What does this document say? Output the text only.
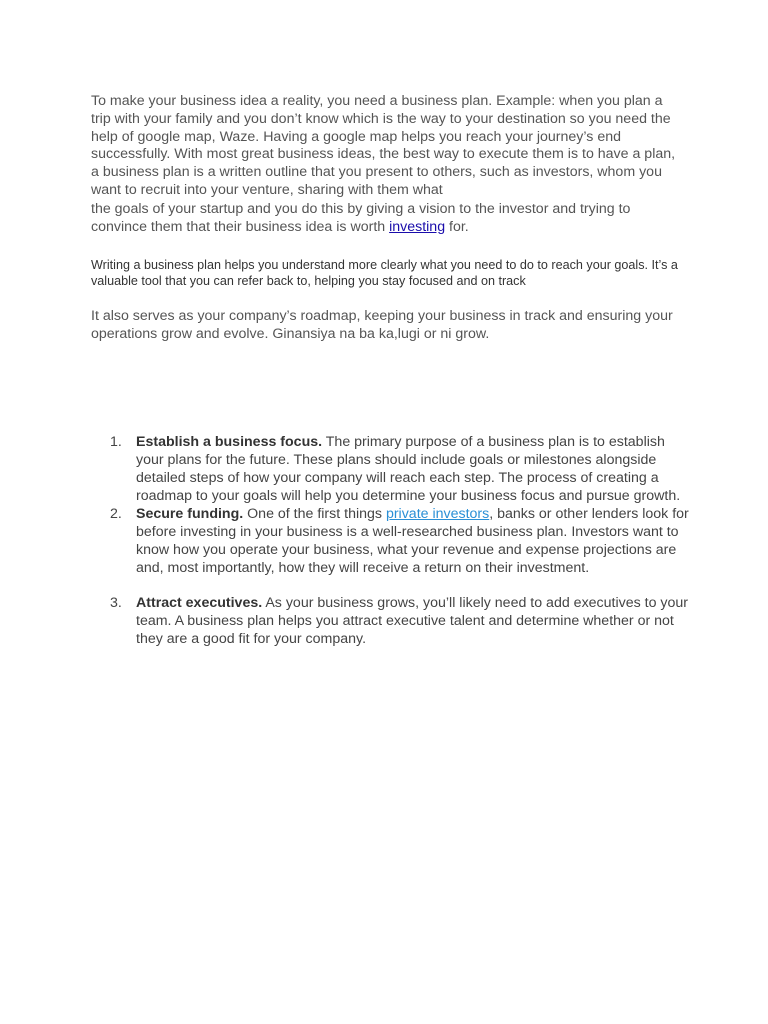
To make your business idea a reality, you need a business plan. Example: when you plan a trip with your family and you don’t know which is the way to your destination so you need the help of google map, Waze. Having a google map helps you reach your journey’s end successfully. With most great business ideas, the best way to execute them is to have a plan, a business plan is a written outline that you present to others, such as investors, whom you want to recruit into your venture, sharing with them what
the goals of your startup and you do this by giving a vision to the investor and trying to convince them that their business idea is worth investing for.

Writing a business plan helps you understand more clearly what you need to do to reach your goals. It’s a valuable tool that you can refer back to, helping you stay focused and on track

It also serves as your company’s roadmap, keeping your business in track and ensuring your operations grow and evolve. Ginansiya na ba ka,lugi or ni grow.

1. Establish a business focus. The primary purpose of a business plan is to establish your plans for the future. These plans should include goals or milestones alongside detailed steps of how your company will reach each step. The process of creating a roadmap to your goals will help you determine your business focus and pursue growth.
2. Secure funding. One of the first things private investors, banks or other lenders look for before investing in your business is a well-researched business plan. Investors want to know how you operate your business, what your revenue and expense projections are and, most importantly, how they will receive a return on their investment.
3. Attract executives. As your business grows, you’ll likely need to add executives to your team. A business plan helps you attract executive talent and determine whether or not they are a good fit for your company.
